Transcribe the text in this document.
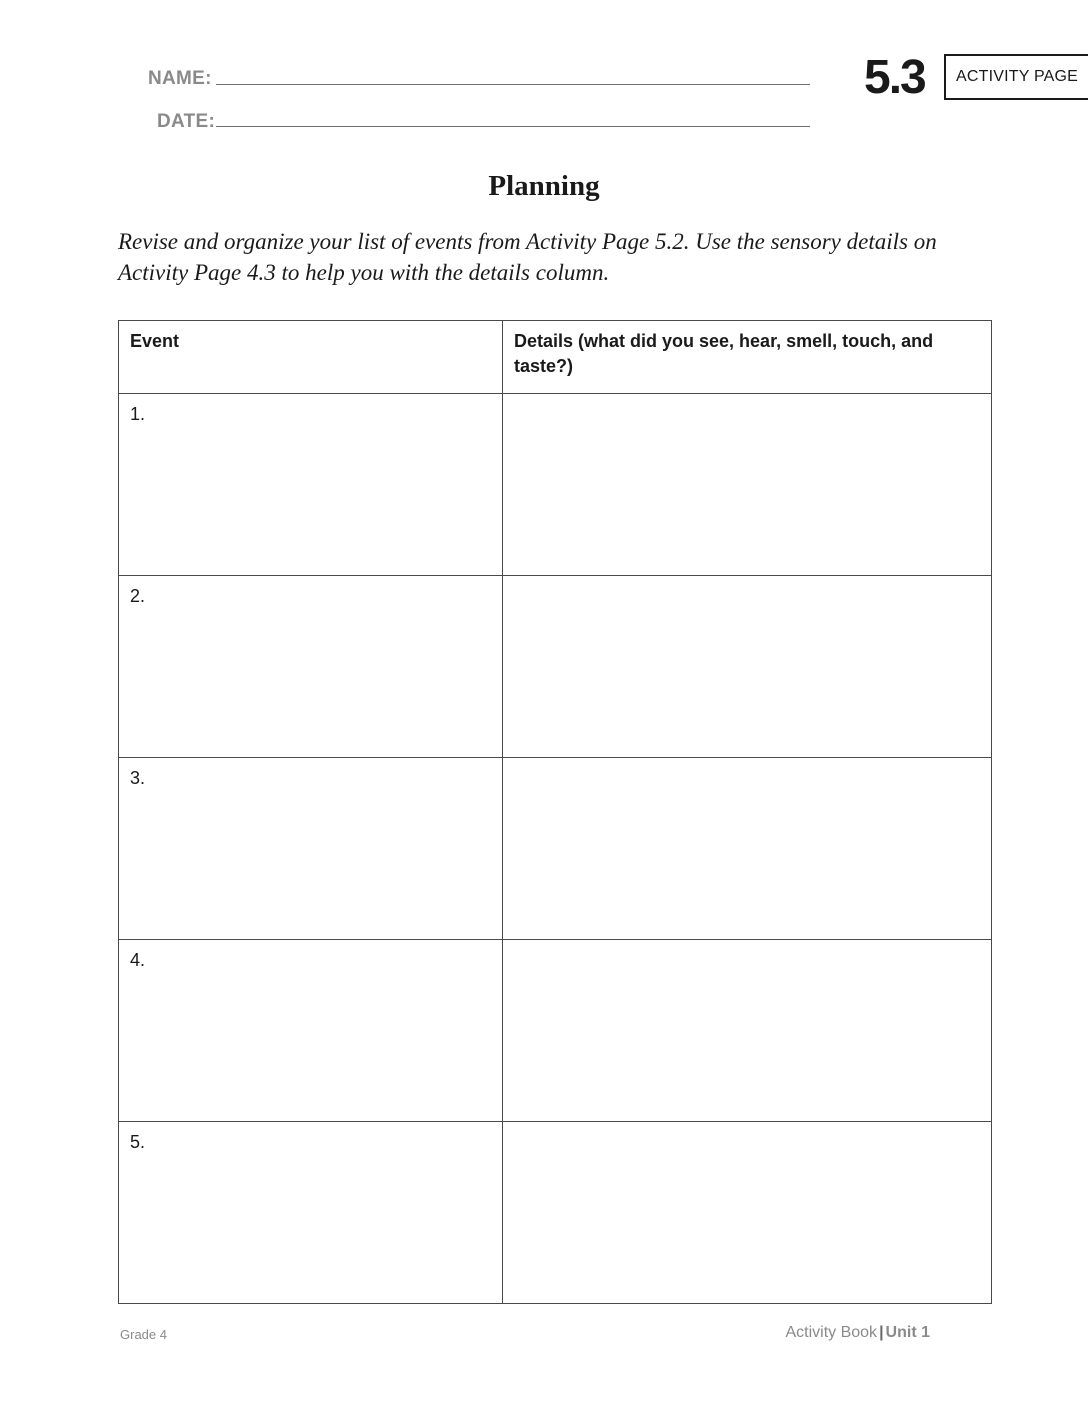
NAME:
DATE:
5.3 ACTIVITY PAGE
Planning
Revise and organize your list of events from Activity Page 5.2. Use the sensory details on Activity Page 4.3 to help you with the details column.
Event	Details (what did you see, hear, smell, touch, and taste?)
1.	
2.	
3.	
4.	
5.	
Grade 4	Activity Book | Unit 1
